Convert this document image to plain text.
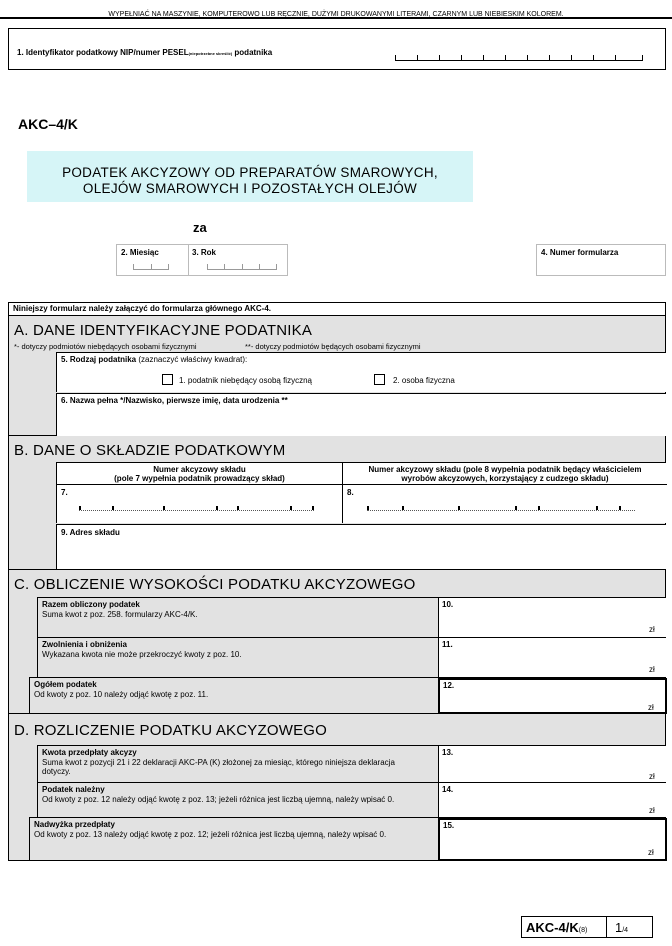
WYPEŁNIAĆ NA MASZYNIE, KOMPUTEROWO LUB RĘCZNIE, DUŻYMI DRUKOWANYMI LITERAMI, CZARNYM LUB NIEBIESKIM KOLOREM.
1. Identyfikator podatkowy NIP/numer PESEL(niepotrzebne skreślić) podatnika
AKC–4/K
PODATEK AKCYZOWY OD PREPARATÓW SMAROWYCH,
OLEJÓW SMAROWYCH I POZOSTAŁYCH OLEJÓW
za
2. Miesiąc	3. Rok	4. Numer formularza
Niniejszy formularz należy załączyć do formularza głównego AKC-4.
A. DANE IDENTYFIKACYJNE PODATNIKA
*- dotyczy podmiotów niebędących osobami fizycznymi	**- dotyczy podmiotów będących osobami fizycznymi
5. Rodzaj podatnika (zaznaczyć właściwy kwadrat):
1. podatnik niebędący osobą fizyczną	2. osoba fizyczna
6. Nazwa pełna */Nazwisko, pierwsze imię, data urodzenia **
B. DANE O SKŁADZIE PODATKOWYM
Numer akcyzowy składu
(pole 7 wypełnia podatnik prowadzący skład)
Numer akcyzowy składu (pole 8 wypełnia podatnik będący właścicielem
wyrobów akcyzowych, korzystający z cudzego składu)
7.	8.
9. Adres składu
C. OBLICZENIE WYSOKOŚCI PODATKU AKCYZOWEGO
Razem obliczony podatek
Suma kwot z poz. 258. formularzy AKC-4/K.
10.
zł
Zwolnienia i obniżenia
Wykazana kwota nie może przekroczyć kwoty z poz. 10.
11.
zł
Ogółem podatek
Od kwoty z poz. 10 należy odjąć kwotę z poz. 11.
12.
zł
D. ROZLICZENIE PODATKU AKCYZOWEGO
Kwota przedpłaty akcyzy
Suma kwot z pozycji 21 i 22 deklaracji AKC-PA (K) złożonej za miesiąc, którego niniejsza deklaracja
dotyczy.
13.
zł
Podatek należny
Od kwoty z poz. 12 należy odjąć kwotę z poz. 13; jeżeli różnica jest liczbą ujemną, należy wpisać 0.
14.
zł
Nadwyżka przedpłaty
Od kwoty z poz. 13 należy odjąć kwotę z poz. 12; jeżeli różnica jest liczbą ujemną, należy wpisać 0.
15.
zł
AKC-4/K(8) 1/4
